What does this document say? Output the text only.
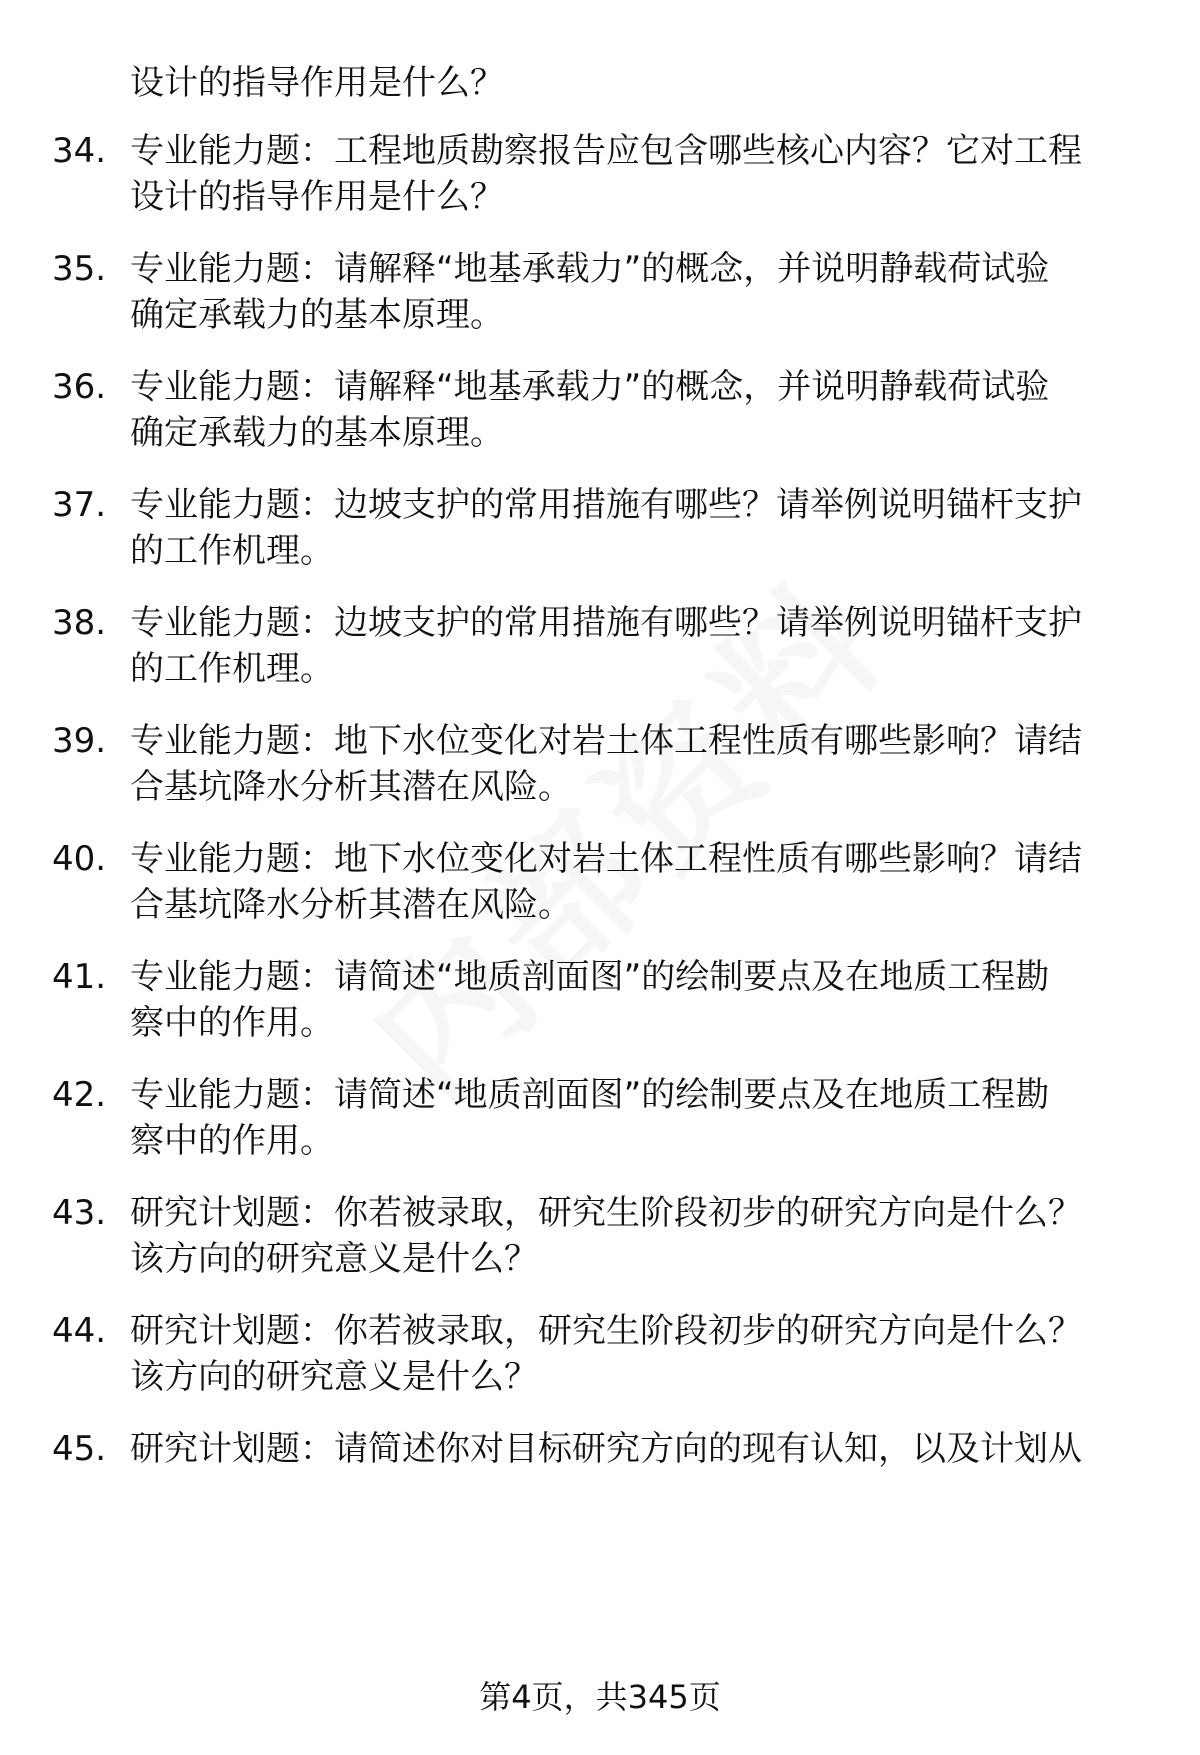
设计的指导作用是什么？
34. 专业能力题：工程地质勘察报告应包含哪些核心内容？它对工程
设计的指导作用是什么？
35. 专业能力题：请解释“地基承载力”的概念，并说明静载荷试验
确定承载力的基本原理。
36. 专业能力题：请解释“地基承载力”的概念，并说明静载荷试验
确定承载力的基本原理。
37. 专业能力题：边坡支护的常用措施有哪些？请举例说明锚杆支护
的工作机理。
38. 专业能力题：边坡支护的常用措施有哪些？请举例说明锚杆支护
的工作机理。
39. 专业能力题：地下水位变化对岩土体工程性质有哪些影响？请结
合基坑降水分析其潜在风险。
40. 专业能力题：地下水位变化对岩土体工程性质有哪些影响？请结
合基坑降水分析其潜在风险。
41. 专业能力题：请简述“地质剖面图”的绘制要点及在地质工程勘
察中的作用。
42. 专业能力题：请简述“地质剖面图”的绘制要点及在地质工程勘
察中的作用。
43. 研究计划题：你若被录取，研究生阶段初步的研究方向是什么？
该方向的研究意义是什么？
44. 研究计划题：你若被录取，研究生阶段初步的研究方向是什么？
该方向的研究意义是什么？
45. 研究计划题：请简述你对目标研究方向的现有认知，以及计划从
第4页，共345页
